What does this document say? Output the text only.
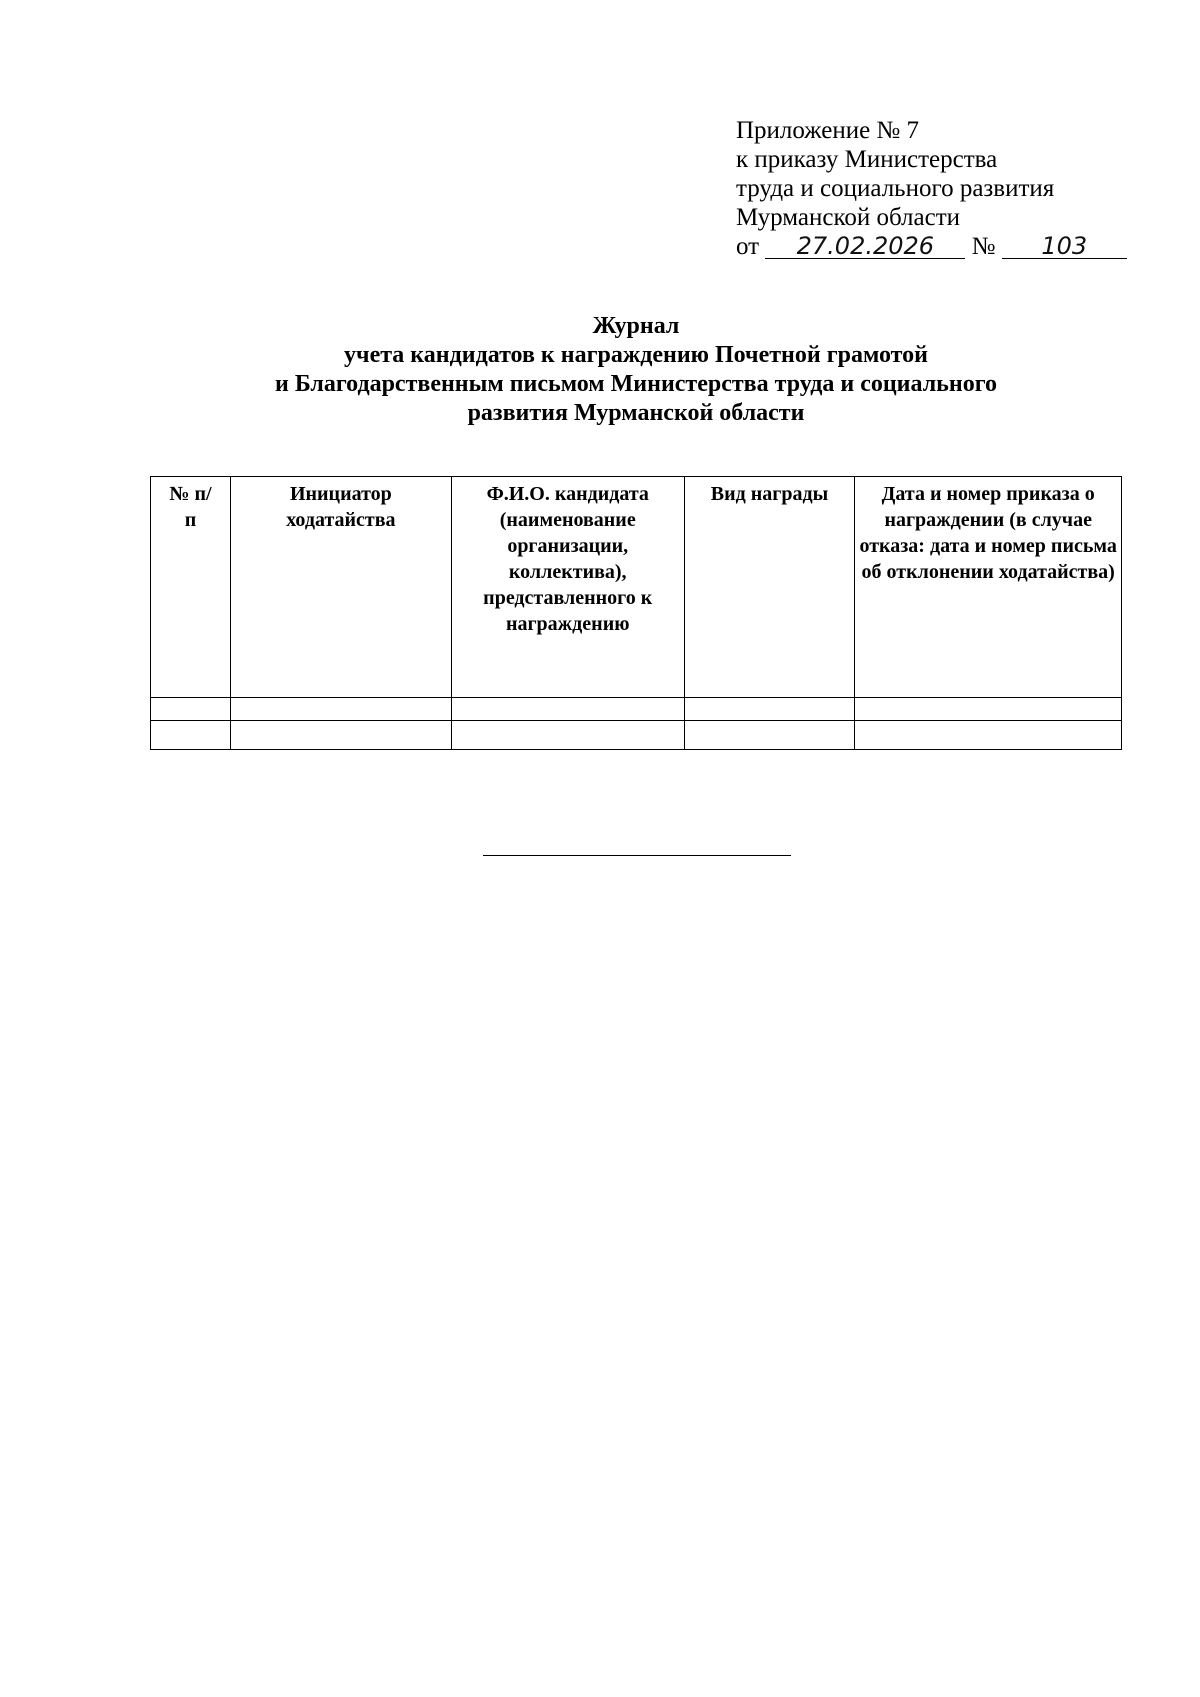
Приложение № 7
к приказу Министерства
труда и социального развития
Мурманской области
от 27.02.2026 № 103
Журнал
учета кандидатов к награждению Почетной грамотой
и Благодарственным письмом Министерства труда и социального
развития Мурманской области
№ п/п	Инициатор ходатайства	Ф.И.О. кандидата (наименование организации, коллектива), представленного к награждению	Вид награды	Дата и номер приказа о награждении (в случае отказа: дата и номер письма об отклонении ходатайства)
